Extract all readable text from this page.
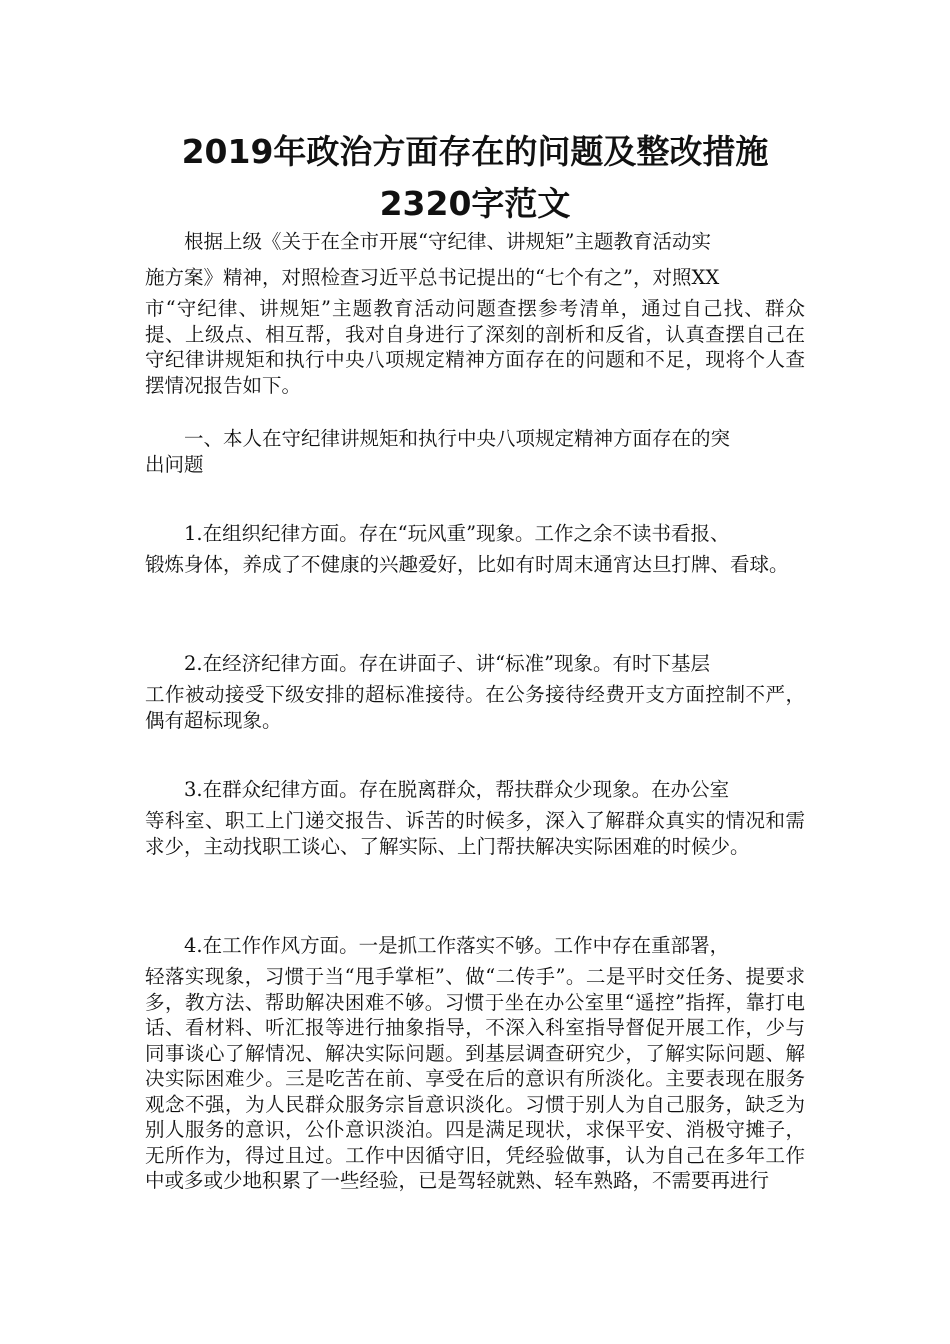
2019年政治方面存在的问题及整改措施
2320字范文
根据上级《关于在全市开展“守纪律、讲规矩”主题教育活动实
施方案》精神，对照检查习近平总书记提出的“七个有之”，对照XX
市“守纪律、讲规矩”主题教育活动问题查摆参考清单，通过自己找、群众提、上级点、相互帮，我对自身进行了深刻的剖析和反省，认真查摆自己在守纪律讲规矩和执行中央八项规定精神方面存在的问题和不足，现将个人查摆情况报告如下。
一、本人在守纪律讲规矩和执行中央八项规定精神方面存在的突
出问题
1.在组织纪律方面。存在“玩风重”现象。工作之余不读书看报、
锻炼身体，养成了不健康的兴趣爱好，比如有时周末通宵达旦打牌、看球。
2.在经济纪律方面。存在讲面子、讲“标准”现象。有时下基层
工作被动接受下级安排的超标准接待。在公务接待经费开支方面控制不严，偶有超标现象。
3.在群众纪律方面。存在脱离群众，帮扶群众少现象。在办公室
等科室、职工上门递交报告、诉苦的时候多，深入了解群众真实的情况和需求少，主动找职工谈心、了解实际、上门帮扶解决实际困难的时候少。
4.在工作作风方面。一是抓工作落实不够。工作中存在重部署，
轻落实现象，习惯于当“甩手掌柜”、做“二传手”。二是平时交任务、提要求多，教方法、帮助解决困难不够。习惯于坐在办公室里“遥控”指挥，靠打电话、看材料、听汇报等进行抽象指导，不深入科室指导督促开展工作，少与同事谈心了解情况、解决实际问题。到基层调查研究少，了解实际问题、解决实际困难少。三是吃苦在前、享受在后的意识有所淡化。主要表现在服务观念不强，为人民群众服务宗旨意识淡化。习惯于别人为自己服务，缺乏为别人服务的意识，公仆意识淡泊。四是满足现状，求保平安、消极守摊子，无所作为，得过且过。工作中因循守旧，凭经验做事，认为自己在多年工作中或多或少地积累了一些经验，已是驾轻就熟、轻车熟路，不需要再进行
